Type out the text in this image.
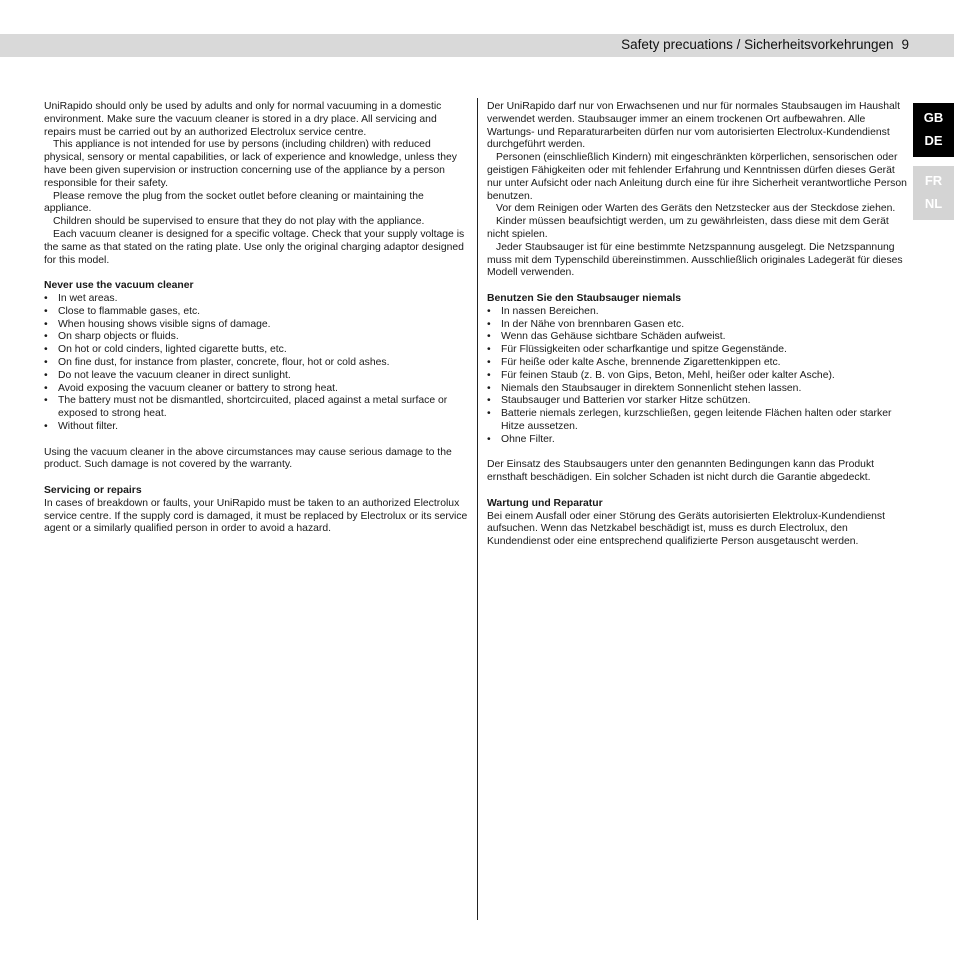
Safety precuations / Sicherheitsvorkehrungen 9
GB
DE
FR
NL

UniRapido should only be used by adults and only for normal vacuuming in a domestic environment. Make sure the vacuum cleaner is stored in a dry place. All servicing and repairs must be carried out by an authorized Electrolux service centre.

This appliance is not intended for use by persons (including children) with reduced physical, sensory or mental capabilities, or lack of experience and knowledge, unless they have been given supervision or instruction concerning use of the appliance by a person responsible for their safety.

Please remove the plug from the socket outlet before cleaning or maintaining the appliance.

Children should be supervised to ensure that they do not play with the appliance.

Each vacuum cleaner is designed for a specific voltage. Check that your supply voltage is the same as that stated on the rating plate. Use only the original charging adaptor designed for this model.

Never use the vacuum cleaner
• In wet areas.
• Close to flammable gases, etc.
• When housing shows visible signs of damage.
• On sharp objects or fluids.
• On hot or cold cinders, lighted cigarette butts, etc.
• On fine dust, for instance from plaster, concrete, flour, hot or cold ashes.
• Do not leave the vacuum cleaner in direct sunlight.
• Avoid exposing the vacuum cleaner or battery to strong heat.
• The battery must not be dismantled, shortcircuited, placed against a metal surface or exposed to strong heat.
• Without filter.

Using the vacuum cleaner in the above circumstances may cause serious damage to the product. Such damage is not covered by the warranty.

Servicing or repairs

In cases of breakdown or faults, your UniRapido must be taken to an authorized Electrolux service centre. If the supply cord is damaged, it must be replaced by Electrolux or its service agent or a similarly qualified person in order to avoid a hazard.

Der UniRapido darf nur von Erwachsenen und nur für normales Staubsaugen im Haushalt verwendet werden. Staubsauger immer an einem trockenen Ort aufbewahren. Alle Wartungs- und Reparaturarbeiten dürfen nur vom autorisierten Electrolux-Kundendienst durchgeführt werden.

Personen (einschließlich Kindern) mit eingeschränkten körperlichen, sensorischen oder geistigen Fähigkeiten oder mit fehlender Erfahrung und Kenntnissen dürfen dieses Gerät nur unter Aufsicht oder nach Anleitung durch eine für ihre Sicherheit verantwortliche Person benutzen.

Vor dem Reinigen oder Warten des Geräts den Netzstecker aus der Steckdose ziehen.

Kinder müssen beaufsichtigt werden, um zu gewährleisten, dass diese mit dem Gerät nicht spielen.

Jeder Staubsauger ist für eine bestimmte Netzspannung ausgelegt. Die Netzspannung muss mit dem Typenschild übereinstimmen. Ausschließlich originales Ladegerät für dieses Modell verwenden.

Benutzen Sie den Staubsauger niemals
• In nassen Bereichen.
• In der Nähe von brennbaren Gasen etc.
• Wenn das Gehäuse sichtbare Schäden aufweist.
• Für Flüssigkeiten oder scharfkantige und spitze Gegenstände.
• Für heiße oder kalte Asche, brennende Zigarettenkippen etc.
• Für feinen Staub (z. B. von Gips, Beton, Mehl, heißer oder kalter Asche).
• Niemals den Staubsauger in direktem Sonnenlicht stehen lassen.
• Staubsauger und Batterien vor starker Hitze schützen.
• Batterie niemals zerlegen, kurzschließen, gegen leitende Flächen halten oder starker Hitze aussetzen.
• Ohne Filter.

Der Einsatz des Staubsaugers unter den genannten Bedingungen kann das Produkt ernsthaft beschädigen. Ein solcher Schaden ist nicht durch die Garantie abgedeckt.

Wartung und Reparatur

Bei einem Ausfall oder einer Störung des Geräts autorisierten Elektrolux-Kundendienst aufsuchen. Wenn das Netzkabel beschädigt ist, muss es durch Electrolux, den Kundendienst oder eine entsprechend qualifizierte Person ausgetauscht werden.
